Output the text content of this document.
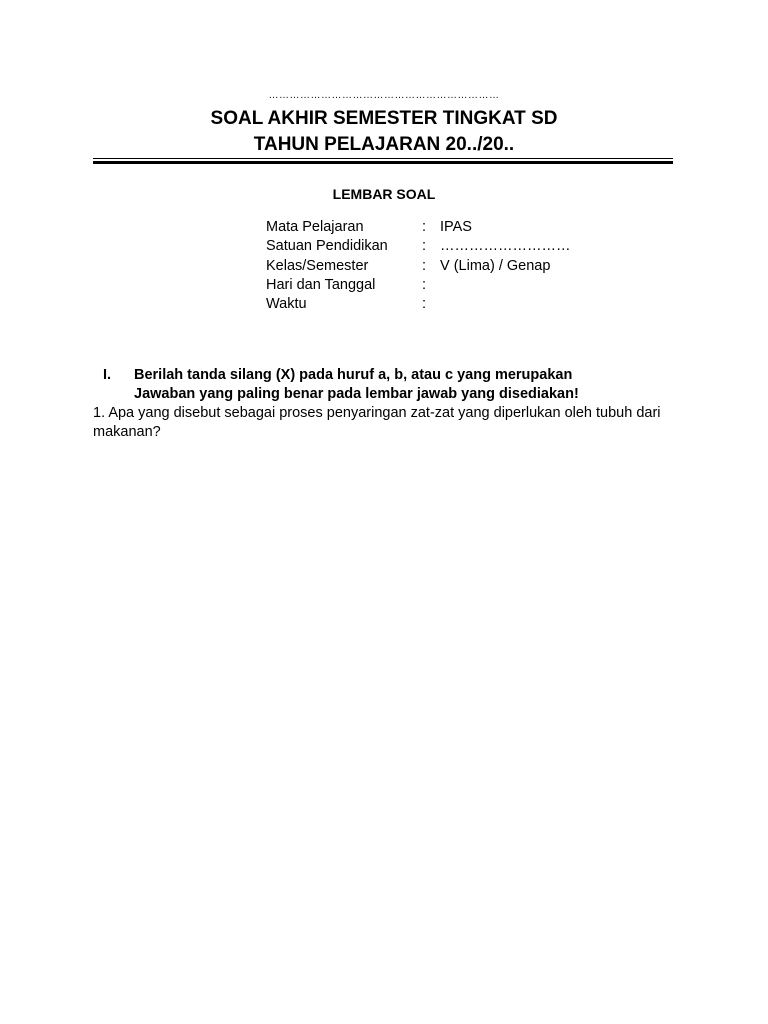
…………………………………………………………
SOAL AKHIR SEMESTER TINGKAT SD
TAHUN PELAJARAN 20../20..
LEMBAR SOAL
Mata Pelajaran	: IPAS
Satuan Pendidikan : ………………………
Kelas/Semester	: V (Lima) / Genap
Hari dan Tanggal	:
Waktu	:
I. Berilah tanda silang (X) pada huruf a, b, atau c yang merupakan
Jawaban yang paling benar pada lembar jawab yang disediakan!
1. Apa yang disebut sebagai proses penyaringan zat-zat yang diperlukan oleh tubuh dari makanan?
